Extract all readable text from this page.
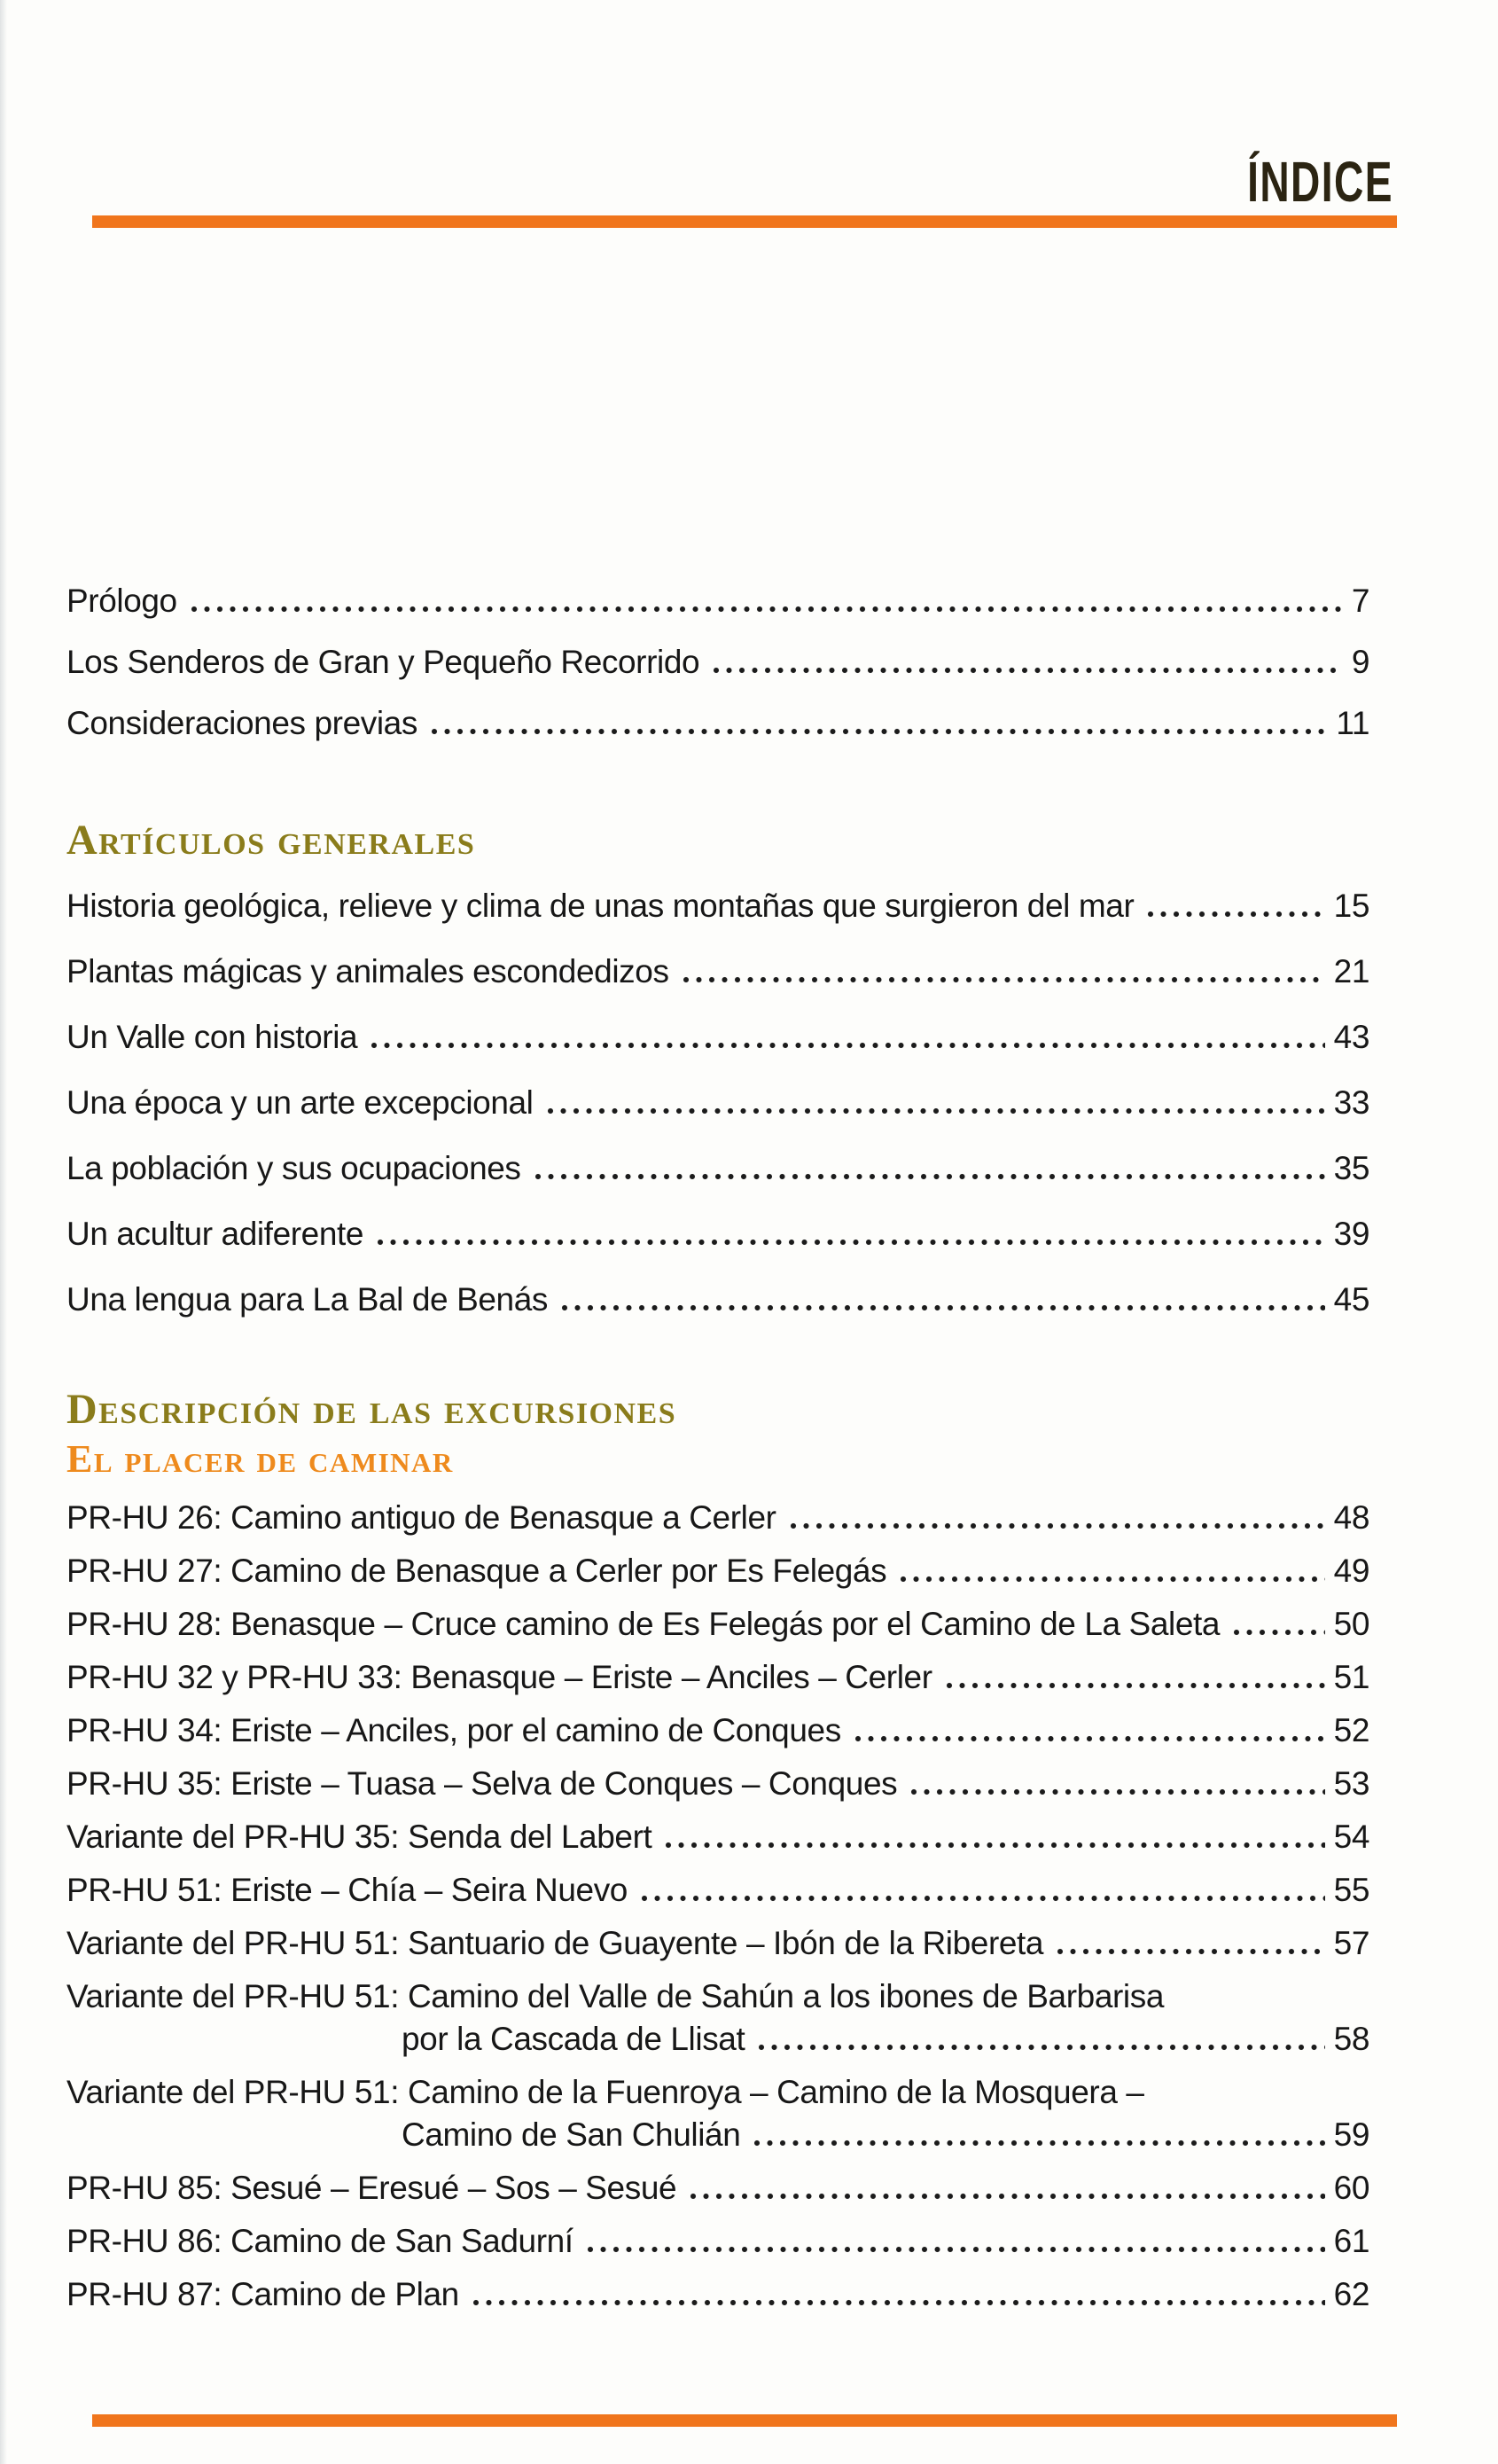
ÍNDICE
Prólogo	7
Los Senderos de Gran y Pequeño Recorrido	9
Consideraciones previas	11
Artículos generales
Historia geológica, relieve y clima de unas montañas que surgieron del mar	15
Plantas mágicas y animales escondedizos	21
Un Valle con historia	43
Una época y un arte excepcional	33
La población y sus ocupaciones	35
Un acultur adiferente	39
Una lengua para La Bal de Benás	45
Descripción de las excursiones
El placer de caminar
PR-HU 26: Camino antiguo de Benasque a Cerler	48
PR-HU 27: Camino de Benasque a Cerler por Es Felegás	49
PR-HU 28: Benasque – Cruce camino de Es Felegás por el Camino de La Saleta	50
PR-HU 32 y PR-HU 33: Benasque – Eriste – Anciles – Cerler	51
PR-HU 34: Eriste – Anciles, por el camino de Conques	52
PR-HU 35: Eriste – Tuasa – Selva de Conques – Conques	53
Variante del PR-HU 35: Senda del Labert	54
PR-HU 51: Eriste – Chía – Seira Nuevo	55
Variante del PR-HU 51: Santuario de Guayente – Ibón de la Ribereta	57
Variante del PR-HU 51: Camino del Valle de Sahún a los ibones de Barbarisa
por la Cascada de Llisat	58
Variante del PR-HU 51: Camino de la Fuenroya – Camino de la Mosquera –
Camino de San Chulián	59
PR-HU 85: Sesué – Eresué – Sos – Sesué	60
PR-HU 86: Camino de San Sadurní	61
PR-HU 87: Camino de Plan	62
